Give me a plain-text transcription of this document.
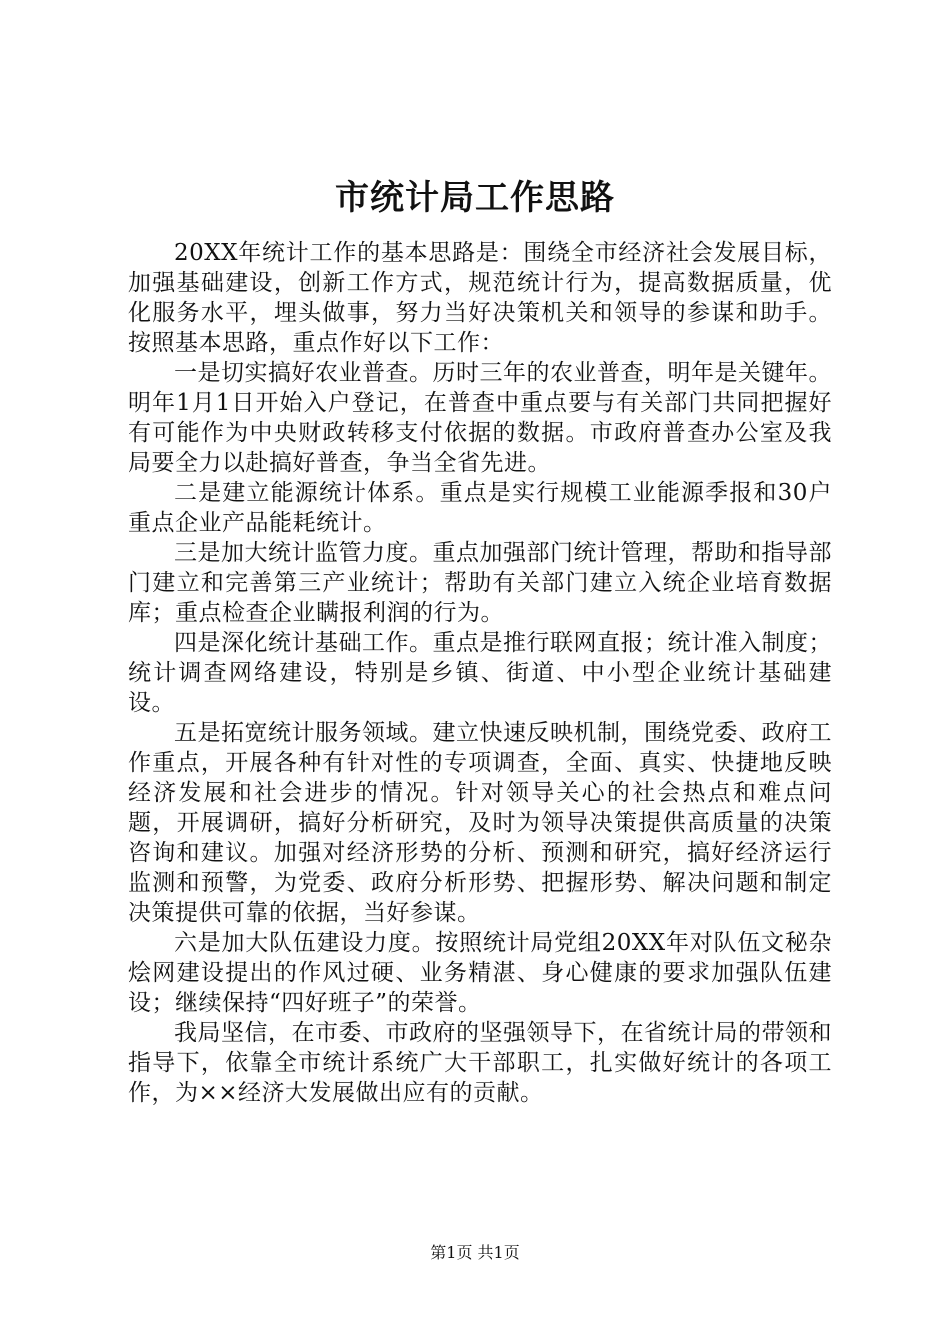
市统计局工作思路

20XX年统计工作的基本思路是：围绕全市经济社会发展目标，加强基础建设，创新工作方式，规范统计行为，提高数据质量，优化服务水平，埋头做事，努力当好决策机关和领导的参谋和助手。按照基本思路，重点作好以下工作：

一是切实搞好农业普查。历时三年的农业普查，明年是关键年。明年1月1日开始入户登记，在普查中重点要与有关部门共同把握好有可能作为中央财政转移支付依据的数据。市政府普查办公室及我局要全力以赴搞好普查，争当全省先进。

二是建立能源统计体系。重点是实行规模工业能源季报和30户重点企业产品能耗统计。

三是加大统计监管力度。重点加强部门统计管理，帮助和指导部门建立和完善第三产业统计；帮助有关部门建立入统企业培育数据库；重点检查企业瞒报利润的行为。

四是深化统计基础工作。重点是推行联网直报；统计准入制度；统计调查网络建设，特别是乡镇、街道、中小型企业统计基础建设。

五是拓宽统计服务领域。建立快速反映机制，围绕党委、政府工作重点，开展各种有针对性的专项调查，全面、真实、快捷地反映经济发展和社会进步的情况。针对领导关心的社会热点和难点问题，开展调研，搞好分析研究，及时为领导决策提供高质量的决策咨询和建议。加强对经济形势的分析、预测和研究，搞好经济运行监测和预警，为党委、政府分析形势、把握形势、解决问题和制定决策提供可靠的依据，当好参谋。

六是加大队伍建设力度。按照统计局党组20XX年对队伍文秘杂烩网建设提出的作风过硬、业务精湛、身心健康的要求加强队伍建设；继续保持“四好班子”的荣誉。

我局坚信，在市委、市政府的坚强领导下，在省统计局的带领和指导下，依靠全市统计系统广大干部职工，扎实做好统计的各项工作，为××经济大发展做出应有的贡献。

第1页 共1页
